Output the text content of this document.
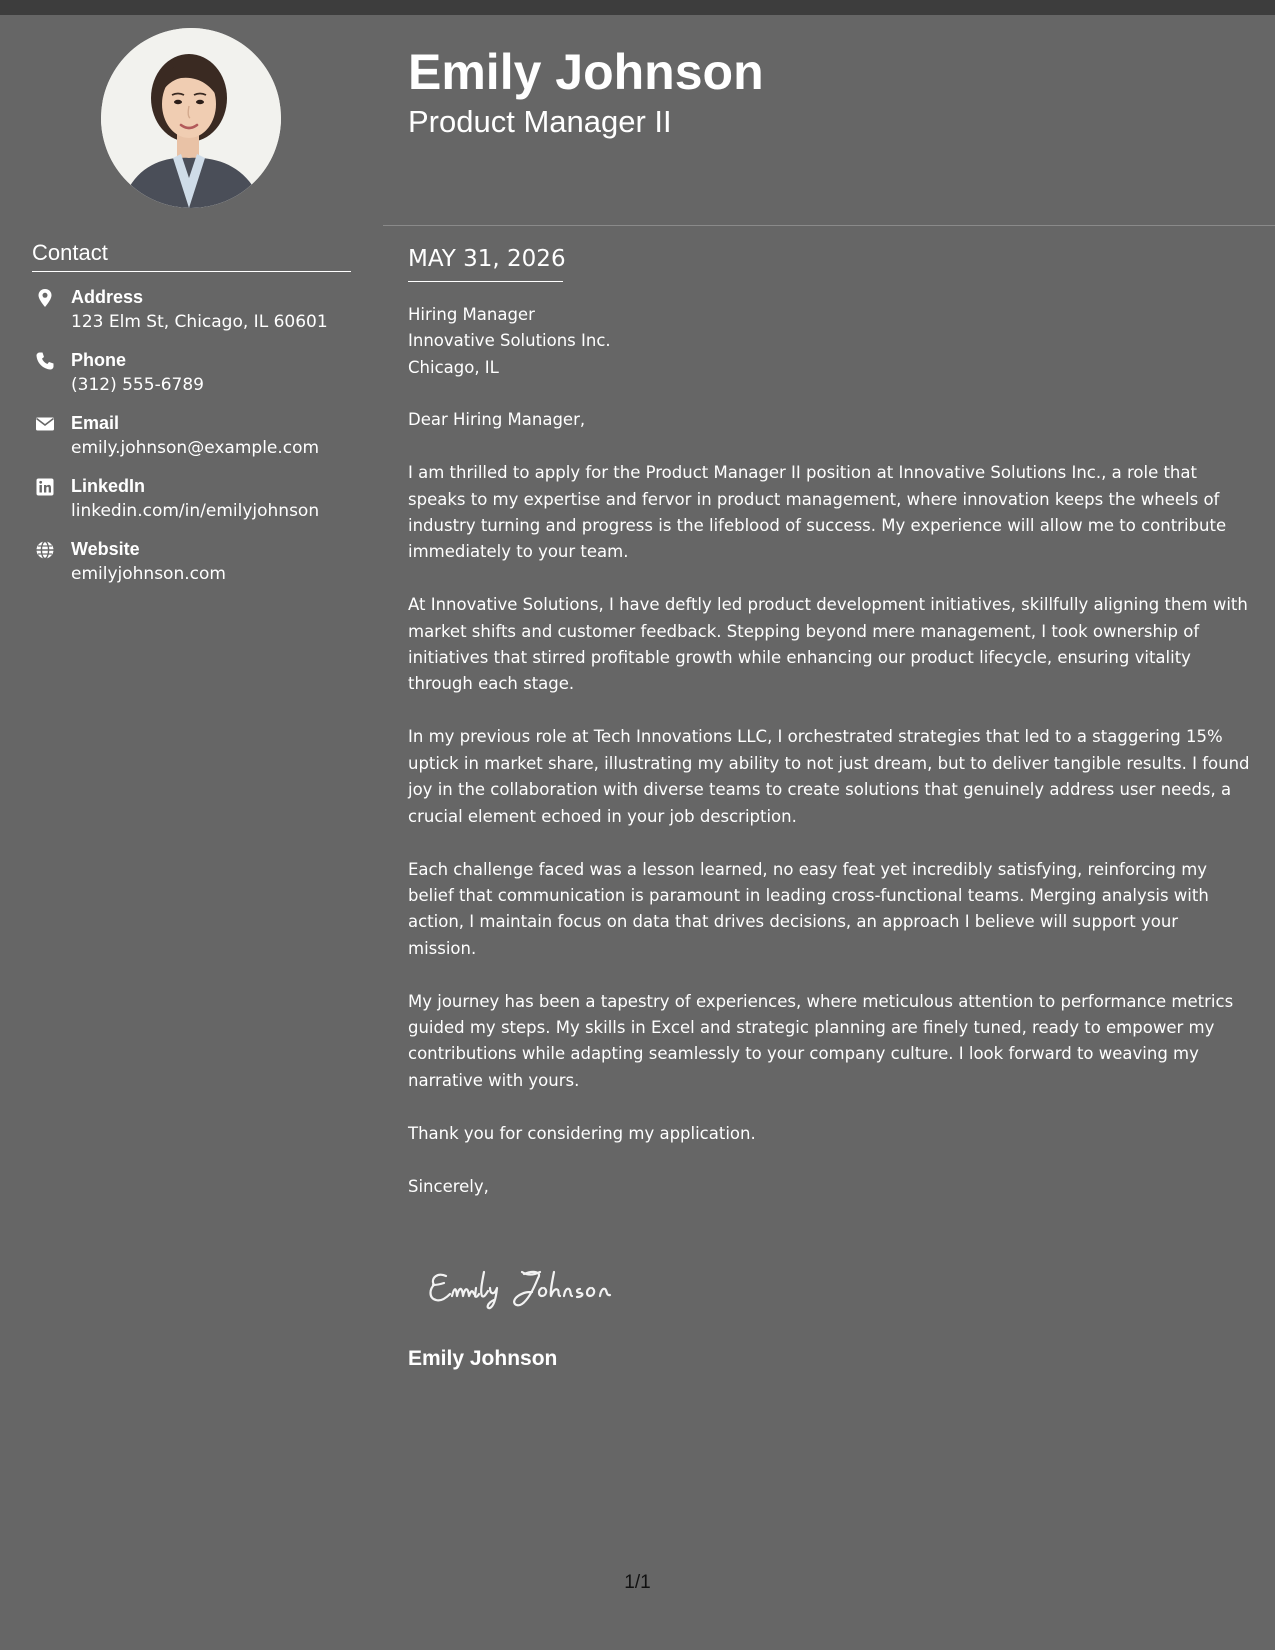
Contact
Address
123 Elm St, Chicago, IL 60601
Phone
(312) 555-6789
Email
emily.johnson@example.com
LinkedIn
linkedin.com/in/emilyjohnson
Website
emilyjohnson.com
Emily Johnson
Product Manager II
MAY 31, 2026
Hiring Manager
Innovative Solutions Inc.
Chicago, IL

Dear Hiring Manager,

I am thrilled to apply for the Product Manager II position at Innovative Solutions Inc., a role that speaks to my expertise and fervor in product management, where innovation keeps the wheels of industry turning and progress is the lifeblood of success. My experience will allow me to contribute immediately to your team.

At Innovative Solutions, I have deftly led product development initiatives, skillfully aligning them with market shifts and customer feedback. Stepping beyond mere management, I took ownership of initiatives that stirred profitable growth while enhancing our product lifecycle, ensuring vitality through each stage.

In my previous role at Tech Innovations LLC, I orchestrated strategies that led to a staggering 15% uptick in market share, illustrating my ability to not just dream, but to deliver tangible results. I found joy in the collaboration with diverse teams to create solutions that genuinely address user needs, a crucial element echoed in your job description.

Each challenge faced was a lesson learned, no easy feat yet incredibly satisfying, reinforcing my belief that communication is paramount in leading cross-functional teams. Merging analysis with action, I maintain focus on data that drives decisions, an approach I believe will support your mission.

My journey has been a tapestry of experiences, where meticulous attention to performance metrics guided my steps. My skills in Excel and strategic planning are finely tuned, ready to empower my contributions while adapting seamlessly to your company culture. I look forward to weaving my narrative with yours.

Thank you for considering my application.

Sincerely,

Emily Johnson
Emily Johnson
1/1
